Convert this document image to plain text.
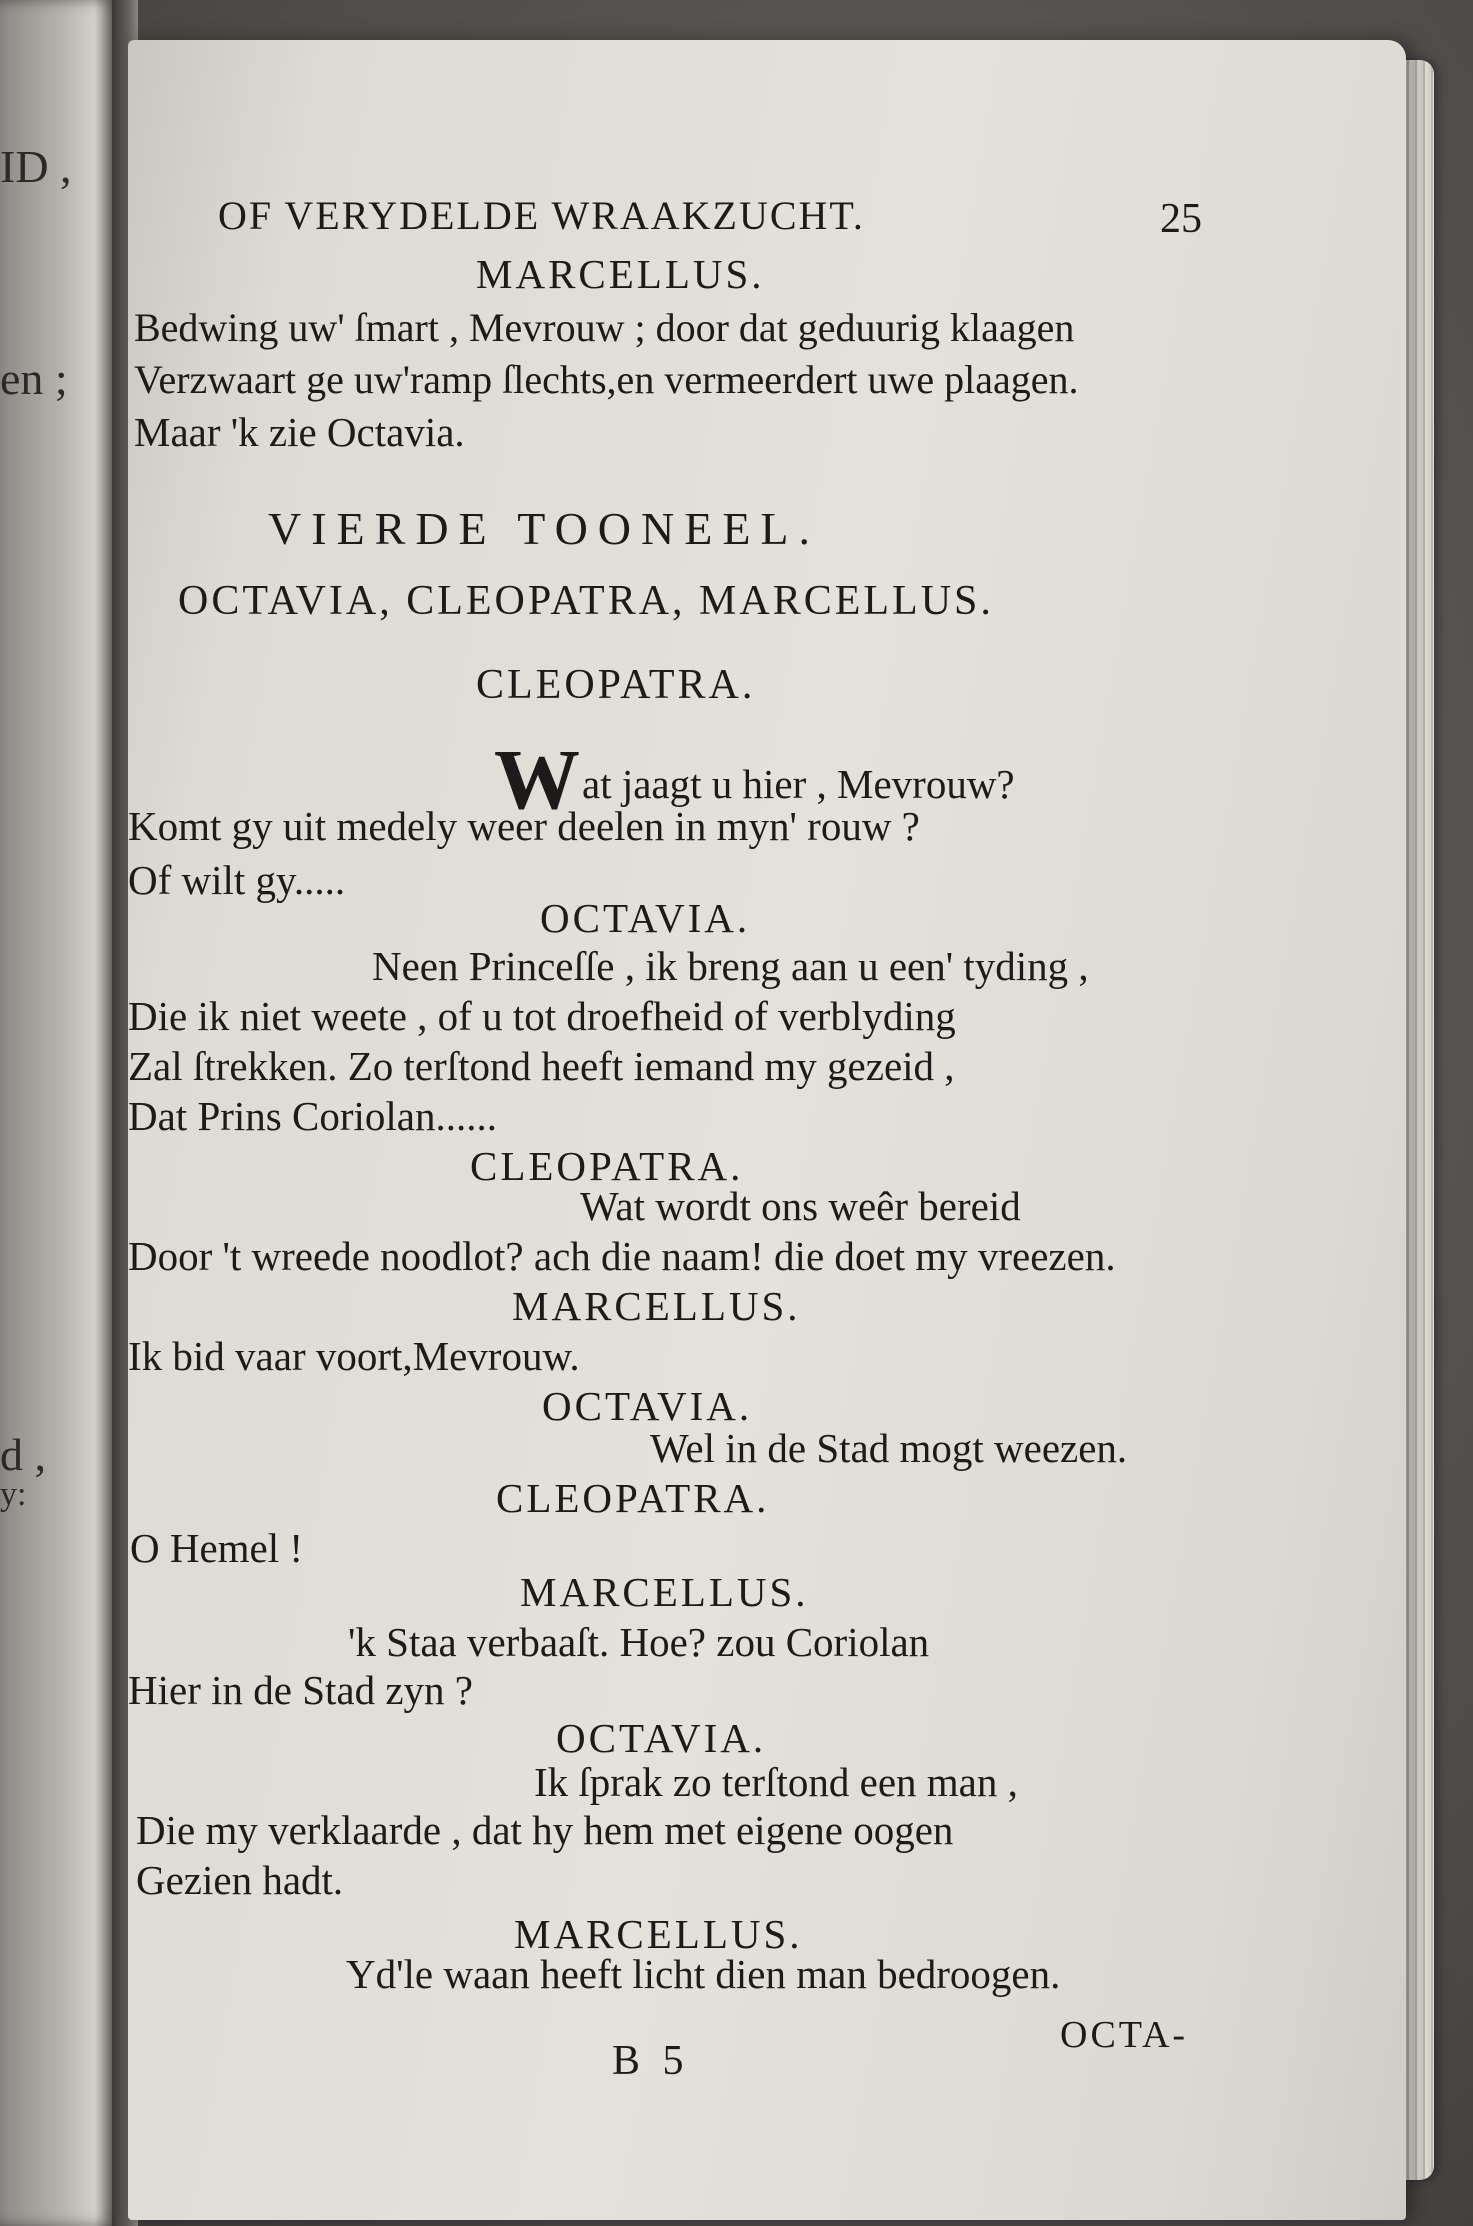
ID ,
en ;
d ,
y:
OF VERYDELDE WRAAKZUCHT.	25
MARCELLUS.
Bedwing uw' ſmart , Mevrouw ; door dat geduurig klaagen
Verzwaart ge uw'ramp ſlechts,en vermeerdert uwe plaagen.
Maar 'k zie Octavia.
VIERDE TOONEEL.
OCTAVIA, CLEOPATRA, MARCELLUS.
CLEOPATRA.
Wat jaagt u hier , Mevrouw?
Komt gy uit medely weer deelen in myn' rouw ?
Of wilt gy.....
OCTAVIA.
Neen Princeſſe , ik breng aan u een' tyding ,
Die ik niet weete , of u tot droefheid of verblyding
Zal ſtrekken. Zo terſtond heeft iemand my gezeid ,
Dat Prins Coriolan......
CLEOPATRA.
Wat wordt ons weêr bereid
Door 't wreede noodlot? ach die naam! die doet my vreezen.
MARCELLUS.
Ik bid vaar voort,Mevrouw.
OCTAVIA.
Wel in de Stad mogt weezen.
CLEOPATRA.
O Hemel !
MARCELLUS.
'k Staa verbaaſt. Hoe? zou Coriolan
Hier in de Stad zyn ?
OCTAVIA.
Ik ſprak zo terſtond een man ,
Die my verklaarde , dat hy hem met eigene oogen
Gezien hadt.
MARCELLUS.
Yd'le waan heeft licht dien man bedroogen.
B 5
OCTA-
